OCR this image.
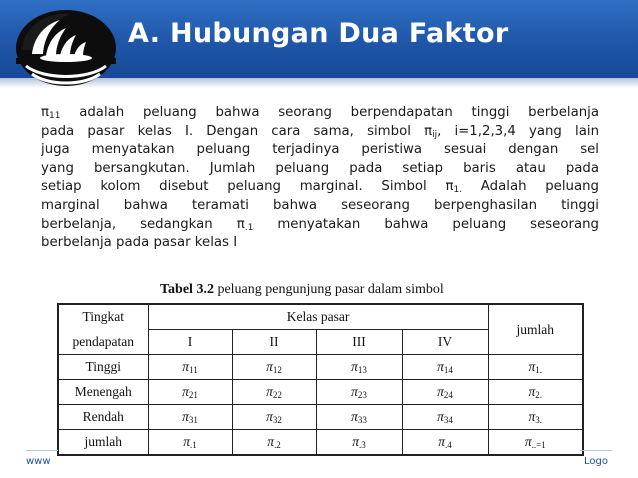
A. Hubungan Dua Faktor
$\pi_{11}$ adalah peluang bahwa seorang berpendapatan tinggi berbelanja
pada pasar kelas I. Dengan cara sama, simbol $\pi_{ij}$, i=1,2,3,4 yang lain
juga menyatakan peluang terjadinya peristiwa sesuai dengan sel
yang bersangkutan. Jumlah peluang pada setiap baris atau pada
setiap kolom disebut peluang marginal. Simbol $\pi_{1.}$ Adalah peluang
marginal bahwa teramati bahwa seseorang berpenghasilan tinggi
berbelanja, sedangkan $\pi_{.1}$ menyatakan bahwa peluang seseorang
berbelanja pada pasar kelas I
Tabel 3.2 peluang pengunjung pasar dalam simbol
Tingkat	Kelas pasar				jumlah
pendapatan	I	II	III	IV	
Tinggi	$\pi_{11}$	$\pi_{12}$	$\pi_{13}$	$\pi_{14}$	$\pi_{1.}$
Menengah	$\pi_{21}$	$\pi_{22}$	$\pi_{23}$	$\pi_{24}$	$\pi_{2.}$
Rendah	$\pi_{31}$	$\pi_{32}$	$\pi_{33}$	$\pi_{34}$	$\pi_{3.}$
jumlah	$\pi_{.1}$	$\pi_{.2}$	$\pi_{.3}$	$\pi_{.4}$	$\pi_{..=1}$
www	Logo
